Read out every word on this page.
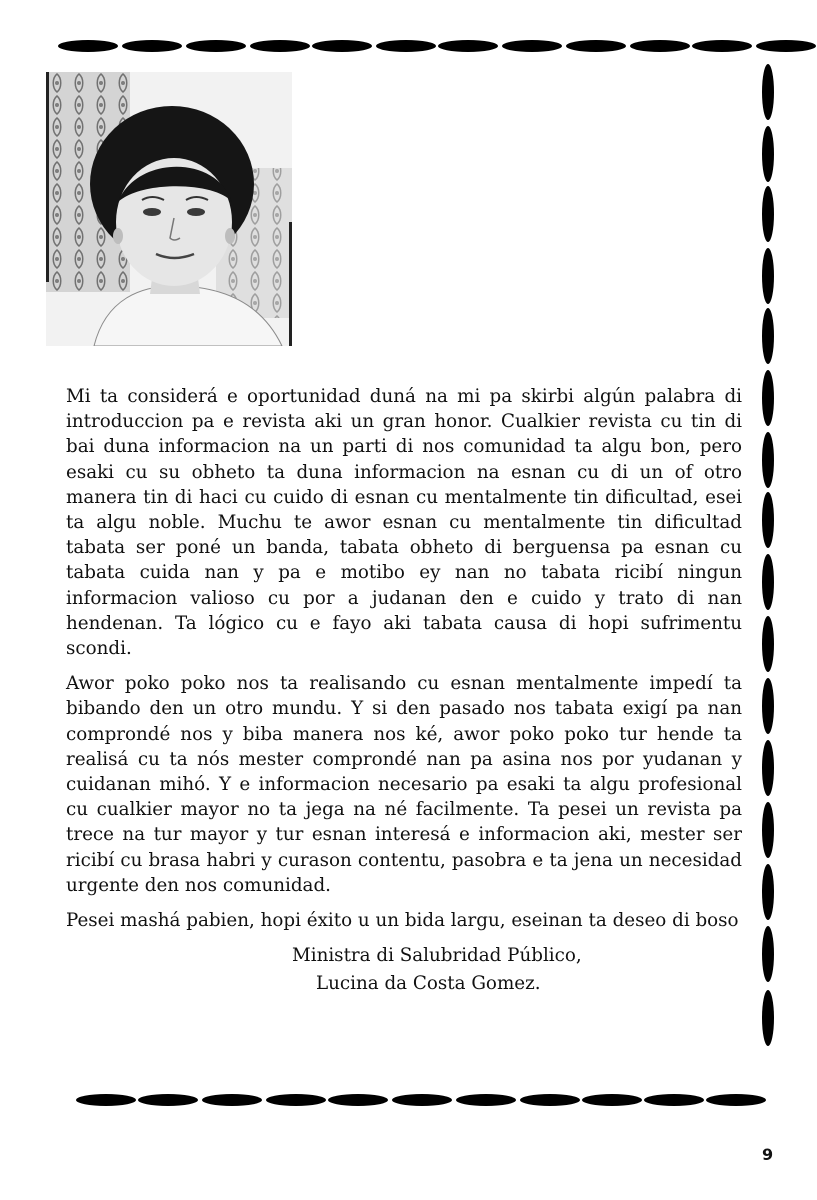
Mi ta considerá e oportunidad duná na mi pa skirbi algún palabra di introduccion pa e revista aki un gran honor. Cualkier revista cu tin di bai duna informacion na un parti di nos comunidad ta algu bon, pero esaki cu su obheto ta duna informacion na esnan cu di un of otro manera tin di haci cu cuido di esnan cu mentalmente tin dificultad, esei ta algu noble. Muchu te awor esnan cu mentalmente tin dificultad tabata ser poné un banda, tabata obheto di berguensa pa esnan cu tabata cuida nan y pa e motibo ey nan no tabata ricibí ningun informacion valioso cu por a judanan den e cuido y trato di nan hendenan. Ta lógico cu e fayo aki tabata causa di hopi sufrimentu scondi.

Awor poko poko nos ta realisando cu esnan mentalmente impedí ta bibando den un otro mundu. Y si den pasado nos tabata exigí pa nan comprondé nos y biba manera nos ké, awor poko poko tur hende ta realisá cu ta nós mester comprondé nan pa asina nos por yudanan y cuidanan mihó. Y e informacion necesario pa esaki ta algu profesional cu cualkier mayor no ta jega na né facilmente. Ta pesei un revista pa trece na tur mayor y tur esnan interesá e informacion aki, mester ser ricibí cu brasa habri y curason contentu, pasobra e ta jena un necesidad urgente den nos comunidad.

Pesei mashá pabien, hopi éxito u un bida largu, eseinan ta deseo di boso

Ministra di Salubridad Público,
Lucina da Costa Gomez.
9
